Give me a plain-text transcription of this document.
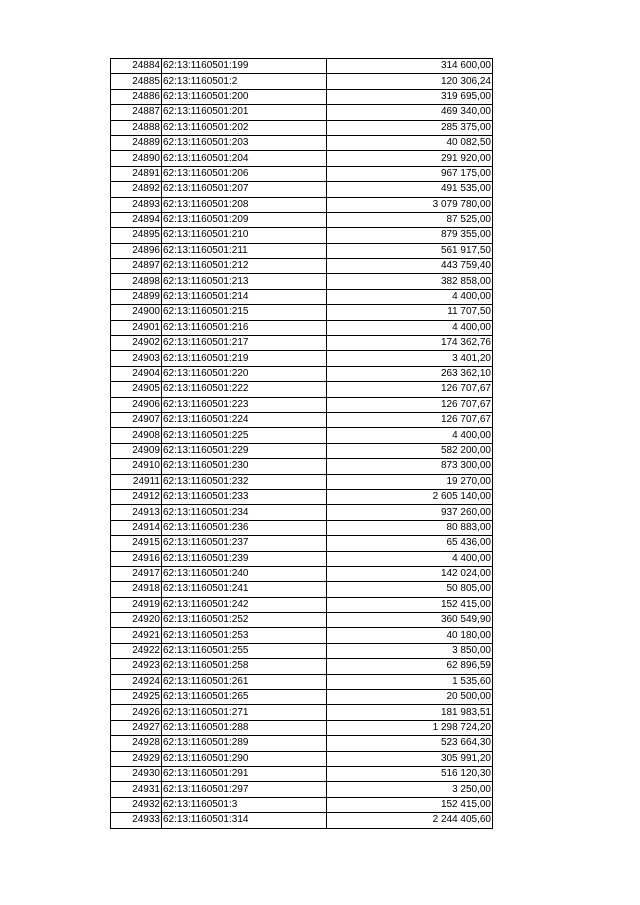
24884	62:13:1160501:199	314 600,00
24885	62:13:1160501:2	120 306,24
24886	62:13:1160501:200	319 695,00
24887	62:13:1160501:201	469 340,00
24888	62:13:1160501:202	285 375,00
24889	62:13:1160501:203	40 082,50
24890	62:13:1160501:204	291 920,00
24891	62:13:1160501:206	967 175,00
24892	62:13:1160501:207	491 535,00
24893	62:13:1160501:208	3 079 780,00
24894	62:13:1160501:209	87 525,00
24895	62:13:1160501:210	879 355,00
24896	62:13:1160501:211	561 917,50
24897	62:13:1160501:212	443 759,40
24898	62:13:1160501:213	382 858,00
24899	62:13:1160501:214	4 400,00
24900	62:13:1160501:215	11 707,50
24901	62:13:1160501:216	4 400,00
24902	62:13:1160501:217	174 362,76
24903	62:13:1160501:219	3 401,20
24904	62:13:1160501:220	263 362,10
24905	62:13:1160501:222	126 707,67
24906	62:13:1160501:223	126 707,67
24907	62:13:1160501:224	126 707,67
24908	62:13:1160501:225	4 400,00
24909	62:13:1160501:229	582 200,00
24910	62:13:1160501:230	873 300,00
24911	62:13:1160501:232	19 270,00
24912	62:13:1160501:233	2 605 140,00
24913	62:13:1160501:234	937 260,00
24914	62:13:1160501:236	80 883,00
24915	62:13:1160501:237	65 436,00
24916	62:13:1160501:239	4 400,00
24917	62:13:1160501:240	142 024,00
24918	62:13:1160501:241	50 805,00
24919	62:13:1160501:242	152 415,00
24920	62:13:1160501:252	360 549,90
24921	62:13:1160501:253	40 180,00
24922	62:13:1160501:255	3 850,00
24923	62:13:1160501:258	62 896,59
24924	62:13:1160501:261	1 535,60
24925	62:13:1160501:265	20 500,00
24926	62:13:1160501:271	181 983,51
24927	62:13:1160501:288	1 298 724,20
24928	62:13:1160501:289	523 664,30
24929	62:13:1160501:290	305 991,20
24930	62:13:1160501:291	516 120,30
24931	62:13:1160501:297	3 250,00
24932	62:13:1160501:3	152 415,00
24933	62:13:1160501:314	2 244 405,60
